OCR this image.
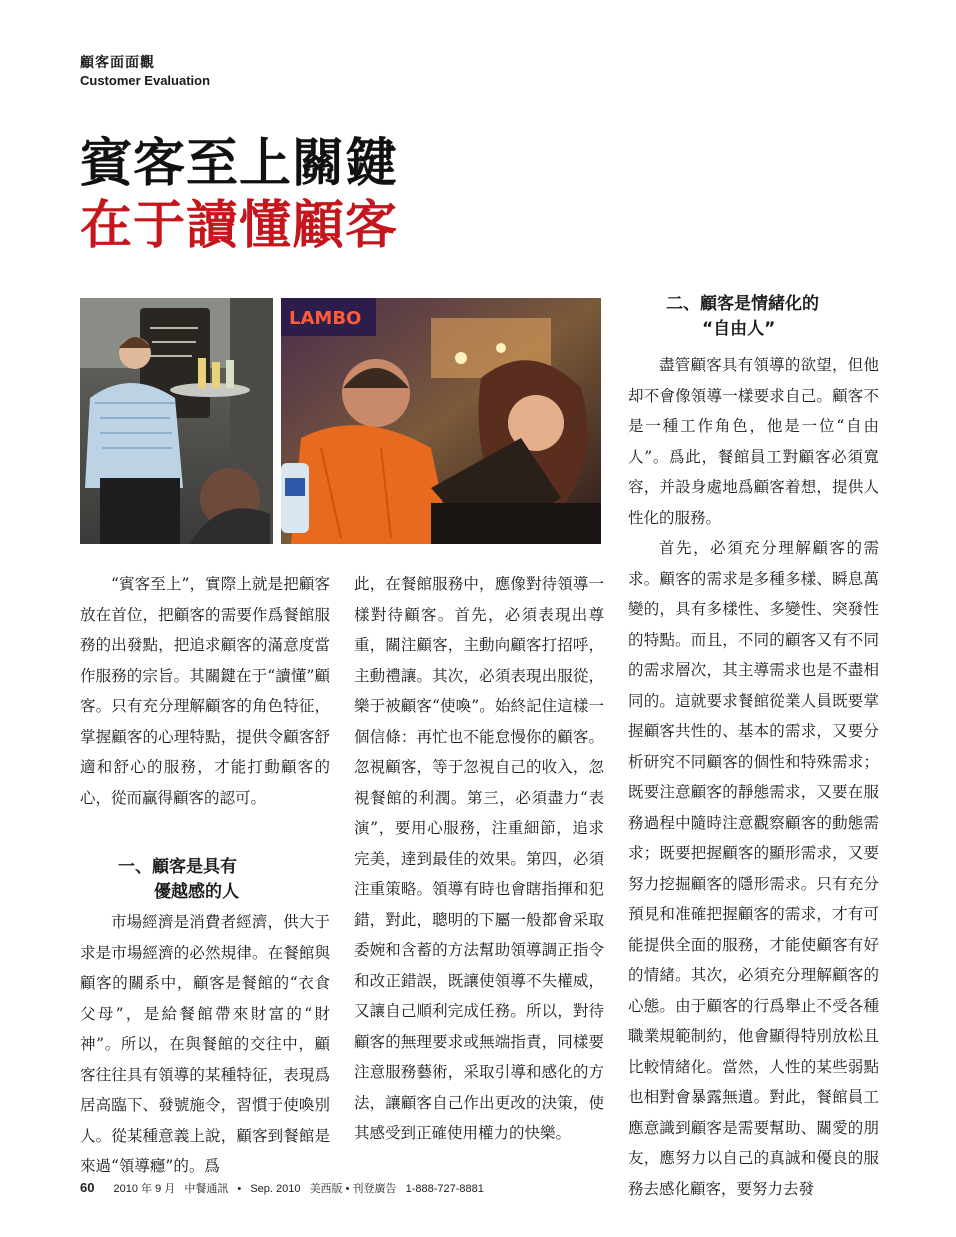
顧客面面觀
Customer Evaluation
賓客至上關鍵
在于讀懂顧客
LAMBO

“賓客至上”，實際上就是把顧客放在首位，把顧客的需要作爲餐館服務的出發點，把追求顧客的滿意度當作服務的宗旨。其關鍵在于“讀懂”顧客。只有充分理解顧客的角色特征，掌握顧客的心理特點，提供令顧客舒適和舒心的服務，才能打動顧客的心，從而贏得顧客的認可。

一、顧客是具有
優越感的人

市場經濟是消費者經濟，供大于求是市場經濟的必然規律。在餐館與顧客的關系中，顧客是餐館的“衣食父母”，是給餐館帶來財富的“財神”。所以，在與餐館的交往中，顧客往往具有領導的某種特征，表現爲居高臨下、發號施令，習慣于使喚別人。從某種意義上說，顧客到餐館是來過“領導癮”的。爲

此，在餐館服務中，應像對待領導一樣對待顧客。首先，必須表現出尊重，關注顧客，主動向顧客打招呼，主動禮讓。其次，必須表現出服從，樂于被顧客“使喚”。始終記住這樣一個信條：再忙也不能怠慢你的顧客。忽視顧客，等于忽視自己的收入，忽視餐館的利潤。第三，必須盡力“表演”，要用心服務，注重細節，追求完美，達到最佳的效果。第四，必須注重策略。領導有時也會瞎指揮和犯錯，對此，聰明的下屬一般都會采取委婉和含蓄的方法幫助領導調正指令和改正錯誤，既讓使領導不失權威，又讓自己順利完成任務。所以，對待顧客的無理要求或無端指責，同樣要注意服務藝術，采取引導和感化的方法，讓顧客自己作出更改的決策，使其感受到正確使用權力的快樂。

二、顧客是情緒化的
“自由人”

盡管顧客具有領導的欲望，但他却不會像領導一樣要求自己。顧客不是一種工作角色，他是一位“自由人”。爲此，餐館員工對顧客必須寬容，并設身處地爲顧客着想，提供人性化的服務。

首先，必須充分理解顧客的需求。顧客的需求是多種多樣、瞬息萬變的，具有多樣性、多變性、突發性的特點。而且，不同的顧客又有不同的需求層次，其主導需求也是不盡相同的。這就要求餐館從業人員既要掌握顧客共性的、基本的需求，又要分析研究不同顧客的個性和特殊需求；既要注意顧客的靜態需求，又要在服務過程中隨時注意觀察顧客的動態需求；既要把握顧客的顯形需求，又要努力挖掘顧客的隱形需求。只有充分預見和准確把握顧客的需求，才有可能提供全面的服務，才能使顧客有好的情緒。其次，必須充分理解顧客的心態。由于顧客的行爲舉止不受各種職業規範制約，他會顯得特別放松且比較情緒化。當然，人性的某些弱點也相對會暴露無遺。對此，餐館員工應意識到顧客是需要幫助、關愛的朋友，應努力以自己的真誠和優良的服務去感化顧客，要努力去發

60 2010 年 9 月 中餐通訊 • Sep. 2010 美西版 • 刊登廣告 1-888-727-8881
